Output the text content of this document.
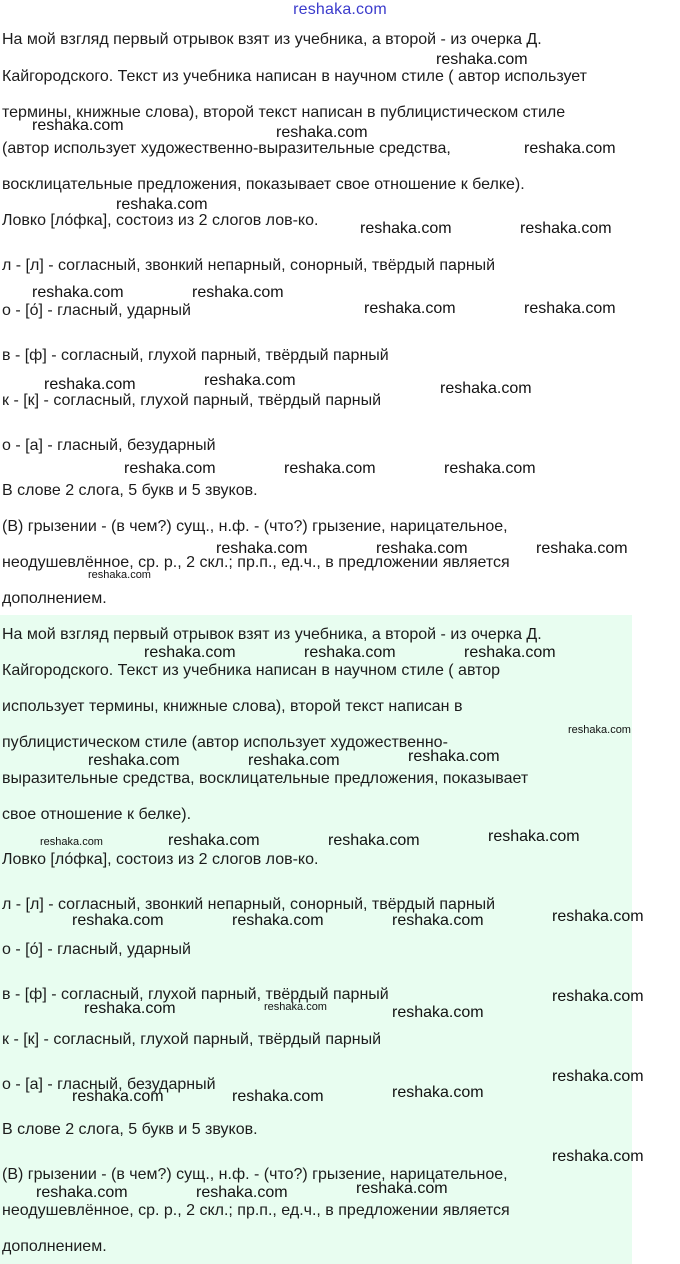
reshaka.com
На мой взгляд первый отрывок взят из учебника, а второй - из очерка Д.
Кайгородского. Текст из учебника написан в научном стиле ( автор использует
термины, книжные слова), второй текст написан в публицистическом стиле
(автор использует художественно-выразительные средства,
восклицательные предложения, показывает свое отношение к белке).
Ловко [ло́фка], состоиз из 2 слогов лов-ко.
л - [л] - согласный, звонкий непарный, сонорный, твёрдый парный
о - [о́] - гласный, ударный
в - [ф] - согласный, глухой парный, твёрдый парный
к - [к] - согласный, глухой парный, твёрдый парный
о - [а] - гласный, безударный
В слове 2 слога, 5 букв и 5 звуков.
(В) грызении - (в чем?) сущ., н.ф. - (что?) грызение, нарицательное,
неодушевлённое, ср. р., 2 скл.; пр.п., ед.ч., в предложении является
дополнением.
На мой взгляд первый отрывок взят из учебника, а второй - из очерка Д.
Кайгородского. Текст из учебника написан в научном стиле ( автор
использует термины, книжные слова), второй текст написан в
публицистическом стиле (автор использует художественно-
выразительные средства, восклицательные предложения, показывает
свое отношение к белке).
Ловко [ло́фка], состоиз из 2 слогов лов-ко.
л - [л] - согласный, звонкий непарный, сонорный, твёрдый парный
о - [о́] - гласный, ударный
в - [ф] - согласный, глухой парный, твёрдый парный
к - [к] - согласный, глухой парный, твёрдый парный
о - [а] - гласный, безударный
В слове 2 слога, 5 букв и 5 звуков.
(В) грызении - (в чем?) сущ., н.ф. - (что?) грызение, нарицательное,
неодушевлённое, ср. р., 2 скл.; пр.п., ед.ч., в предложении является
дополнением.
reshaka.com
reshaka.com	reshaka.com
reshaka.com
reshaka.com
reshaka.com	reshaka.com
reshaka.com	reshaka.com
reshaka.com	reshaka.com
reshaka.com	reshaka.com	reshaka.com
reshaka.com	reshaka.com	reshaka.com
reshaka.com	reshaka.com	reshaka.com
reshaka.com
reshaka.com	reshaka.com	reshaka.com
reshaka.com
reshaka.com	reshaka.com	reshaka.com
reshaka.com	reshaka.com	reshaka.com	reshaka.com
reshaka.com	reshaka.com	reshaka.com	reshaka.com
reshaka.com
reshaka.com	reshaka.com	reshaka.com
reshaka.com
reshaka.com	reshaka.com	reshaka.com
reshaka.com
reshaka.com	reshaka.com	reshaka.com
